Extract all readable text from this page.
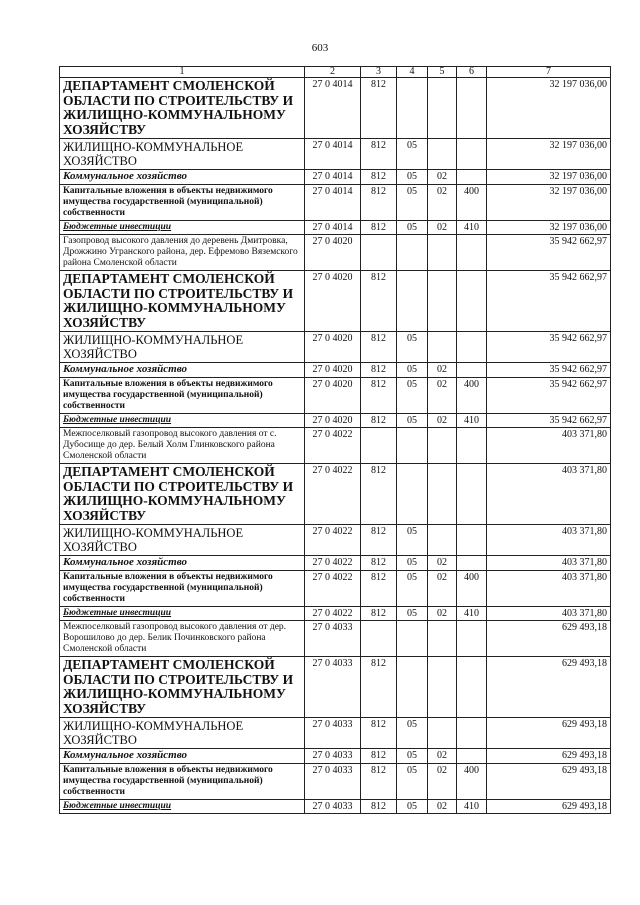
603
1	2	3	4	5	6	7
ДЕПАРТАМЕНТ СМОЛЕНСКОЙ ОБЛАСТИ ПО СТРОИТЕЛЬСТВУ И ЖИЛИЩНО-КОММУНАЛЬНОМУ ХОЗЯЙСТВУ	27 0 4014	812				32 197 036,00
ЖИЛИЩНО-КОММУНАЛЬНОЕ ХОЗЯЙСТВО	27 0 4014	812	05			32 197 036,00
Коммунальное хозяйство	27 0 4014	812	05	02		32 197 036,00
Капитальные вложения в объекты недвижимого имущества государственной (муниципальной) собственности	27 0 4014	812	05	02	400	32 197 036,00
Бюджетные инвестиции	27 0 4014	812	05	02	410	32 197 036,00
Газопровод высокого давления до деревень Дмитровка, Дрожжино Угранского района, дер. Ефремово Вяземского района Смоленской области	27 0 4020					35 942 662,97
ДЕПАРТАМЕНТ СМОЛЕНСКОЙ ОБЛАСТИ ПО СТРОИТЕЛЬСТВУ И ЖИЛИЩНО-КОММУНАЛЬНОМУ ХОЗЯЙСТВУ	27 0 4020	812				35 942 662,97
ЖИЛИЩНО-КОММУНАЛЬНОЕ ХОЗЯЙСТВО	27 0 4020	812	05			35 942 662,97
Коммунальное хозяйство	27 0 4020	812	05	02		35 942 662,97
Капитальные вложения в объекты недвижимого имущества государственной (муниципальной) собственности	27 0 4020	812	05	02	400	35 942 662,97
Бюджетные инвестиции	27 0 4020	812	05	02	410	35 942 662,97
Межпоселковый газопровод высокого давления от с. Дубосище до дер. Белый Холм Глинковского района Смоленской области	27 0 4022					403 371,80
ДЕПАРТАМЕНТ СМОЛЕНСКОЙ ОБЛАСТИ ПО СТРОИТЕЛЬСТВУ И ЖИЛИЩНО-КОММУНАЛЬНОМУ ХОЗЯЙСТВУ	27 0 4022	812				403 371,80
ЖИЛИЩНО-КОММУНАЛЬНОЕ ХОЗЯЙСТВО	27 0 4022	812	05			403 371,80
Коммунальное хозяйство	27 0 4022	812	05	02		403 371,80
Капитальные вложения в объекты недвижимого имущества государственной (муниципальной) собственности	27 0 4022	812	05	02	400	403 371,80
Бюджетные инвестиции	27 0 4022	812	05	02	410	403 371,80
Межпоселковый газопровод высокого давления от дер. Ворошилово до дер. Белик Починковского района Смоленской области	27 0 4033					629 493,18
ДЕПАРТАМЕНТ СМОЛЕНСКОЙ ОБЛАСТИ ПО СТРОИТЕЛЬСТВУ И ЖИЛИЩНО-КОММУНАЛЬНОМУ ХОЗЯЙСТВУ	27 0 4033	812				629 493,18
ЖИЛИЩНО-КОММУНАЛЬНОЕ ХОЗЯЙСТВО	27 0 4033	812	05			629 493,18
Коммунальное хозяйство	27 0 4033	812	05	02		629 493,18
Капитальные вложения в объекты недвижимого имущества государственной (муниципальной) собственности	27 0 4033	812	05	02	400	629 493,18
Бюджетные инвестиции	27 0 4033	812	05	02	410	629 493,18
